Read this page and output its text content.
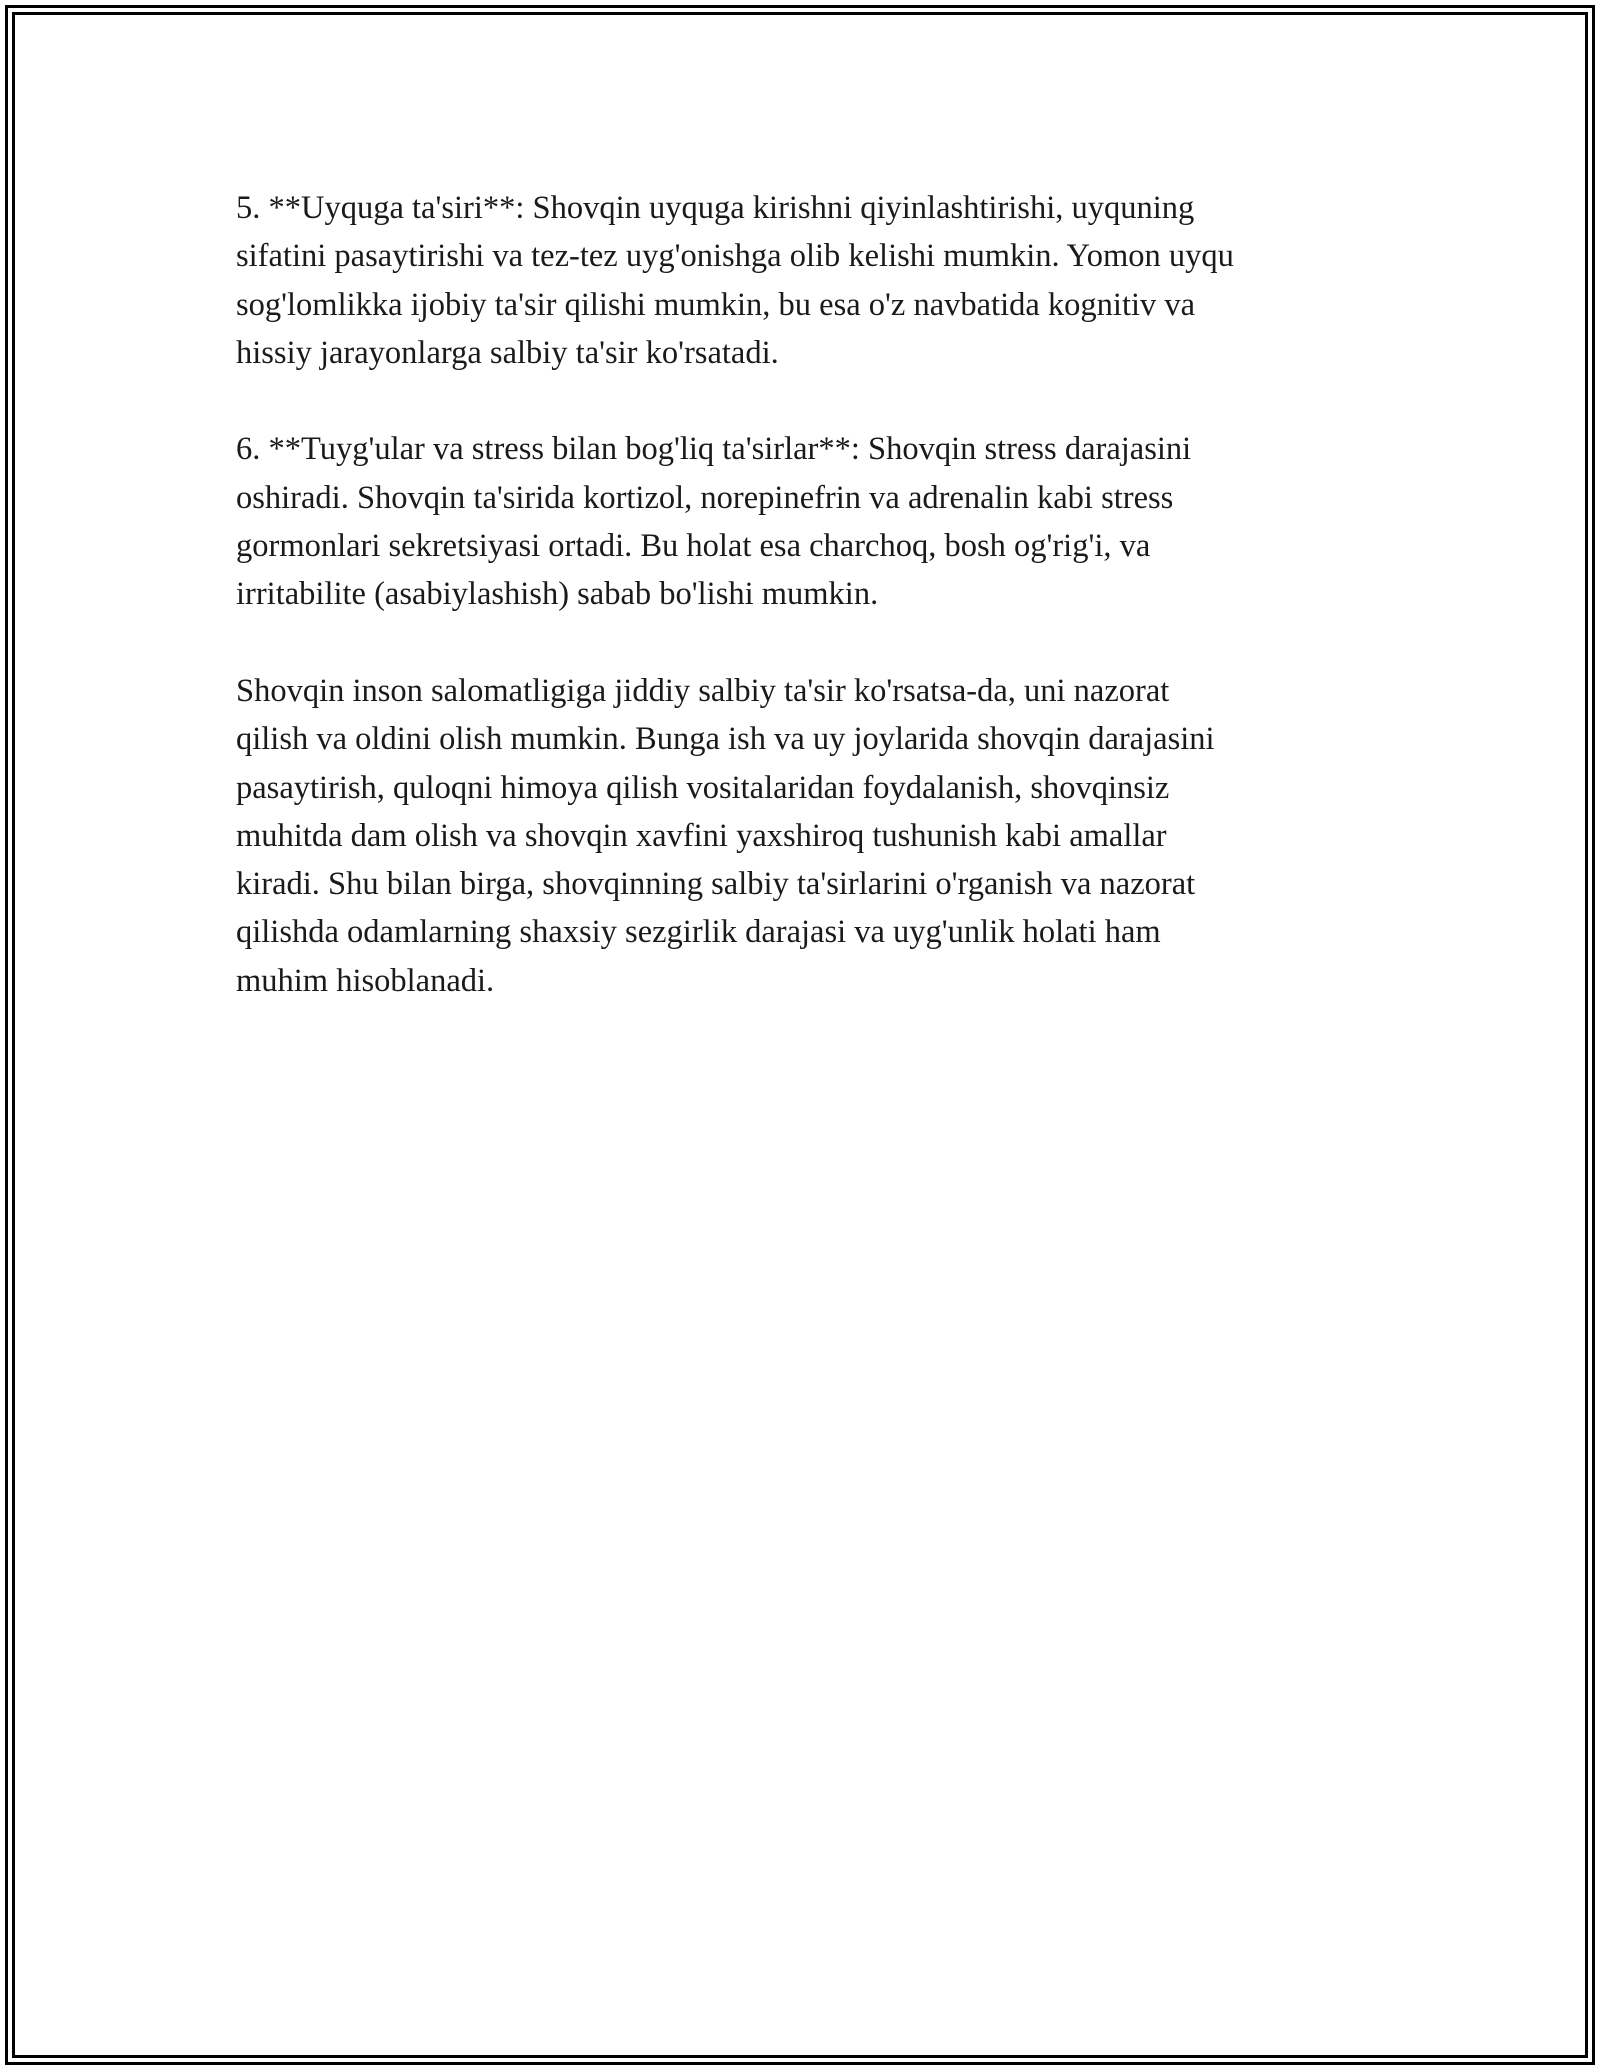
5. **Uyquga ta'siri**: Shovqin uyquga kirishni qiyinlashtirishi, uyquning
sifatini pasaytirishi va tez-tez uyg'onishga olib kelishi mumkin. Yomon uyqu
sog'lomlikka ijobiy ta'sir qilishi mumkin, bu esa o'z navbatida kognitiv va
hissiy jarayonlarga salbiy ta'sir ko'rsatadi.

6. **Tuyg'ular va stress bilan bog'liq ta'sirlar**: Shovqin stress darajasini
oshiradi. Shovqin ta'sirida kortizol, norepinefrin va adrenalin kabi stress
gormonlari sekretsiyasi ortadi. Bu holat esa charchoq, bosh og'rig'i, va
irritabilite (asabiylashish) sabab bo'lishi mumkin.

Shovqin inson salomatligiga jiddiy salbiy ta'sir ko'rsatsa-da, uni nazorat
qilish va oldini olish mumkin. Bunga ish va uy joylarida shovqin darajasini
pasaytirish, quloqni himoya qilish vositalaridan foydalanish, shovqinsiz
muhitda dam olish va shovqin xavfini yaxshiroq tushunish kabi amallar
kiradi. Shu bilan birga, shovqinning salbiy ta'sirlarini o'rganish va nazorat
qilishda odamlarning shaxsiy sezgirlik darajasi va uyg'unlik holati ham
muhim hisoblanadi.
